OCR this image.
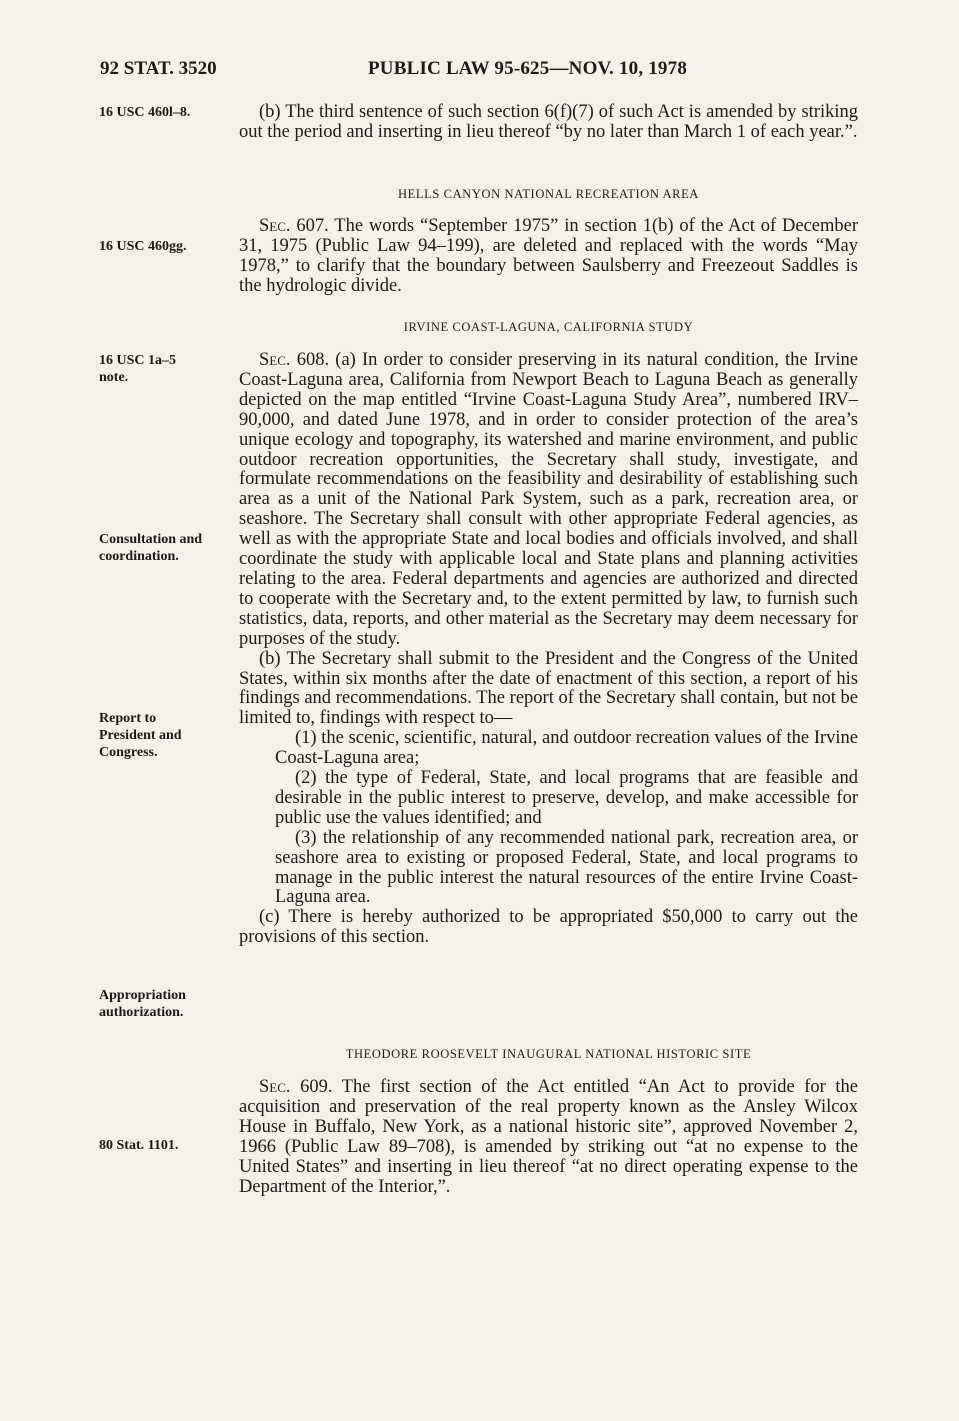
92 STAT. 3520	PUBLIC LAW 95-625—NOV. 10, 1978
16 USC 460l–8.
16 USC 460gg.
16 USC 1a–5
note.
Consultation and
coordination.
Report to
President and
Congress.
Appropriation
authorization.
80 Stat. 1101.

(b) The third sentence of such section 6(f)(7) of such Act is amended by striking out the period and inserting in lieu thereof “by no later than March 1 of each year.”.

HELLS CANYON NATIONAL RECREATION AREA

Sec. 607. The words “September 1975” in section 1(b) of the Act of December 31, 1975 (Public Law 94–199), are deleted and replaced with the words “May 1978,” to clarify that the boundary between Saulsberry and Freezeout Saddles is the hydrologic divide.

IRVINE COAST-LAGUNA, CALIFORNIA STUDY

Sec. 608. (a) In order to consider preserving in its natural condition, the Irvine Coast-Laguna area, California from Newport Beach to Laguna Beach as generally depicted on the map entitled “Irvine Coast-Laguna Study Area”, numbered IRV–90,000, and dated June 1978, and in order to consider protection of the area’s unique ecology and topography, its watershed and marine environment, and public outdoor recreation opportunities, the Secretary shall study, investigate, and formulate recommendations on the feasibility and desirability of establishing such area as a unit of the National Park System, such as a park, recreation area, or seashore. The Secretary shall consult with other appropriate Federal agencies, as well as with the appropriate State and local bodies and officials involved, and shall coordinate the study with applicable local and State plans and planning activities relating to the area. Federal departments and agencies are authorized and directed to cooperate with the Secretary and, to the extent permitted by law, to furnish such statistics, data, reports, and other material as the Secretary may deem necessary for purposes of the study.

(b) The Secretary shall submit to the President and the Congress of the United States, within six months after the date of enactment of this section, a report of his findings and recommendations. The report of the Secretary shall contain, but not be limited to, findings with respect to—

(1) the scenic, scientific, natural, and outdoor recreation values of the Irvine Coast-Laguna area;

(2) the type of Federal, State, and local programs that are feasible and desirable in the public interest to preserve, develop, and make accessible for public use the values identified; and

(3) the relationship of any recommended national park, recreation area, or seashore area to existing or proposed Federal, State, and local programs to manage in the public interest the natural resources of the entire Irvine Coast-Laguna area.

(c) There is hereby authorized to be appropriated $50,000 to carry out the provisions of this section.

THEODORE ROOSEVELT INAUGURAL NATIONAL HISTORIC SITE

Sec. 609. The first section of the Act entitled “An Act to provide for the acquisition and preservation of the real property known as the Ansley Wilcox House in Buffalo, New York, as a national historic site”, approved November 2, 1966 (Public Law 89–708), is amended by striking out “at no expense to the United States” and inserting in lieu thereof “at no direct operating expense to the Department of the Interior,”.
